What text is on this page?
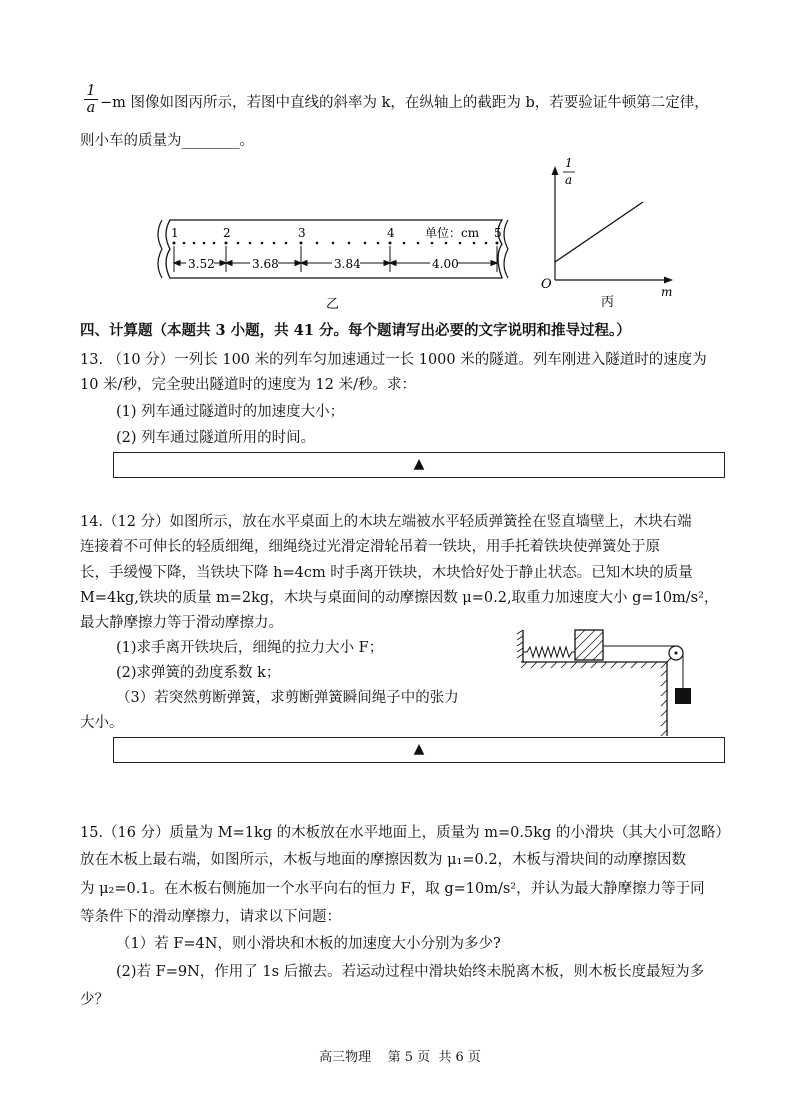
1
a −m 图像如图丙所示，若图中直线的斜率为 k，在纵轴上的截距为 b，若要验证牛顿第二定律，
则小车的质量为________。
1	2	3	4	5
单位：cm
3.52	3.68	3.84	4.00
乙
1
a
O	m
丙
四、计算题（本题共 3 小题，共 41 分。每个题请写出必要的文字说明和推导过程。）
13. （10 分）一列长 100 米的列车匀加速通过一长 1000 米的隧道。列车刚进入隧道时的速度为
10 米/秒，完全驶出隧道时的速度为 12 米/秒。求：
(1) 列车通过隧道时的加速度大小；
(2) 列车通过隧道所用的时间。
▲
14.（12 分）如图所示，放在水平桌面上的木块左端被水平轻质弹簧拴在竖直墙壁上，木块右端
连接着不可伸长的轻质细绳，细绳绕过光滑定滑轮吊着一铁块，用手托着铁块使弹簧处于原
长，手缓慢下降，当铁块下降 h=4cm 时手离开铁块，木块恰好处于静止状态。已知木块的质量
M=4kg,铁块的质量 m=2kg，木块与桌面间的动摩擦因数 μ=0.2,取重力加速度大小 g=10m/s²，
最大静摩擦力等于滑动摩擦力。
(1)求手离开铁块后，细绳的拉力大小 F；
(2)求弹簧的劲度系数 k；
（3）若突然剪断弹簧，求剪断弹簧瞬间绳子中的张力
大小。
▲
15.（16 分）质量为 M=1kg 的木板放在水平地面上，质量为 m=0.5kg 的小滑块（其大小可忽略）
放在木板上最右端，如图所示，木板与地面的摩擦因数为 μ₁=0.2，木板与滑块间的动摩擦因数
为 μ₂=0.1。在木板右侧施加一个水平向右的恒力 F，取 g=10m/s²，并认为最大静摩擦力等于同
等条件下的滑动摩擦力，请求以下问题：
（1）若 F=4N，则小滑块和木板的加速度大小分别为多少?
(2)若 F=9N，作用了 1s 后撤去。若运动过程中滑块始终未脱离木板，则木板长度最短为多
少？
高三物理    第 5 页  共 6 页
